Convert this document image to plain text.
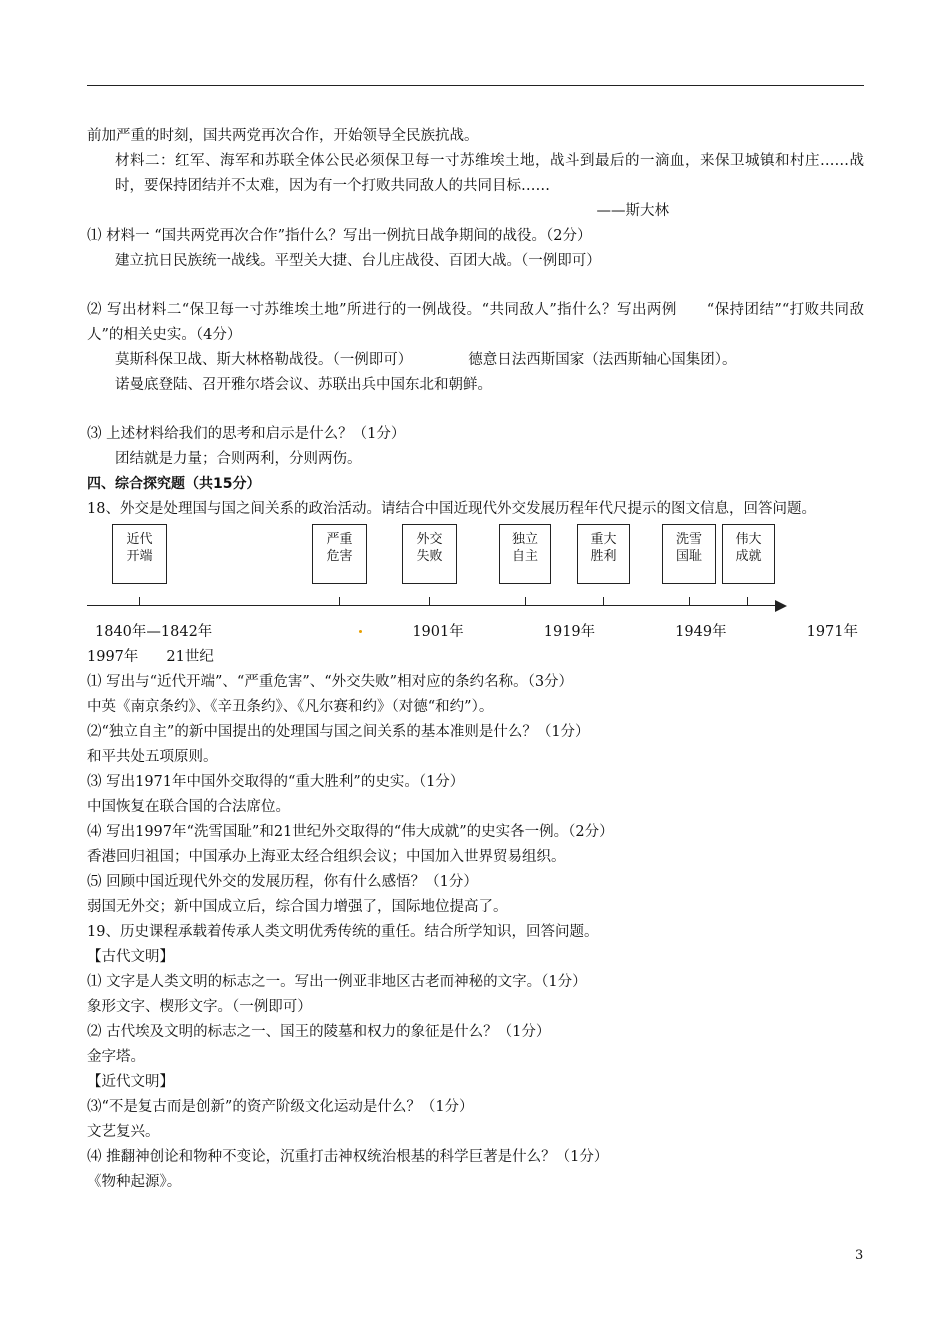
前加严重的时刻，国共两党再次合作，开始领导全民族抗战。
材料二：红军、海军和苏联全体公民必须保卫每一寸苏维埃土地，战斗到最后的一滴血，来保卫城镇和村庄……战时，要保持团结并不太难，因为有一个打败共同敌人的共同目标……
——斯大林
⑴ 材料一 “国共两党再次合作”指什么？写出一例抗日战争期间的战役。（2分）
建立抗日民族统一战线。平型关大捷、台儿庄战役、百团大战。（一例即可）
⑵ 写出材料二“保卫每一寸苏维埃土地”所进行的一例战役。“共同敌人”指什么？写出两例　　“保持团结”“打败共同敌人”的相关史实。（4分）
莫斯科保卫战、斯大林格勒战役。（一例即可）	德意日法西斯国家（法西斯轴心国集团）。
诺曼底登陆、召开雅尔塔会议、苏联出兵中国东北和朝鲜。
⑶ 上述材料给我们的思考和启示是什么？（1分）
团结就是力量；合则两利，分则两伤。
四、综合探究题（共15分）
18、外交是处理国与国之间关系的政治活动。请结合中国近现代外交发展历程年代尺提示的图文信息，回答问题。
近代
开端
严重
危害
外交
失败
独立
自主
重大
胜利
洗雪
国耻
伟大
成就
1840年—1842年	1901年	1919年	1949年	1971年
1997年 21世纪
⑴ 写出与“近代开端”、“严重危害”、“外交失败”相对应的条约名称。（3分）
中英《南京条约》、《辛丑条约》、《凡尔赛和约》（对德“和约”）。
⑵“独立自主”的新中国提出的处理国与国之间关系的基本准则是什么？（1分）
和平共处五项原则。
⑶ 写出1971年中国外交取得的“重大胜利”的史实。（1分）
中国恢复在联合国的合法席位。
⑷ 写出1997年“洗雪国耻”和21世纪外交取得的“伟大成就”的史实各一例。（2分）
香港回归祖国；中国承办上海亚太经合组织会议；中国加入世界贸易组织。
⑸ 回顾中国近现代外交的发展历程，你有什么感悟？（1分）
弱国无外交；新中国成立后，综合国力增强了，国际地位提高了。
19、历史课程承载着传承人类文明优秀传统的重任。结合所学知识，回答问题。
【古代文明】
⑴ 文字是人类文明的标志之一。写出一例亚非地区古老而神秘的文字。（1分）
象形文字、楔形文字。（一例即可）
⑵ 古代埃及文明的标志之一、国王的陵墓和权力的象征是什么？（1分）
金字塔。
【近代文明】
⑶“不是复古而是创新”的资产阶级文化运动是什么？（1分）
文艺复兴。
⑷ 推翻神创论和物种不变论，沉重打击神权统治根基的科学巨著是什么？（1分）
《物种起源》。
3
